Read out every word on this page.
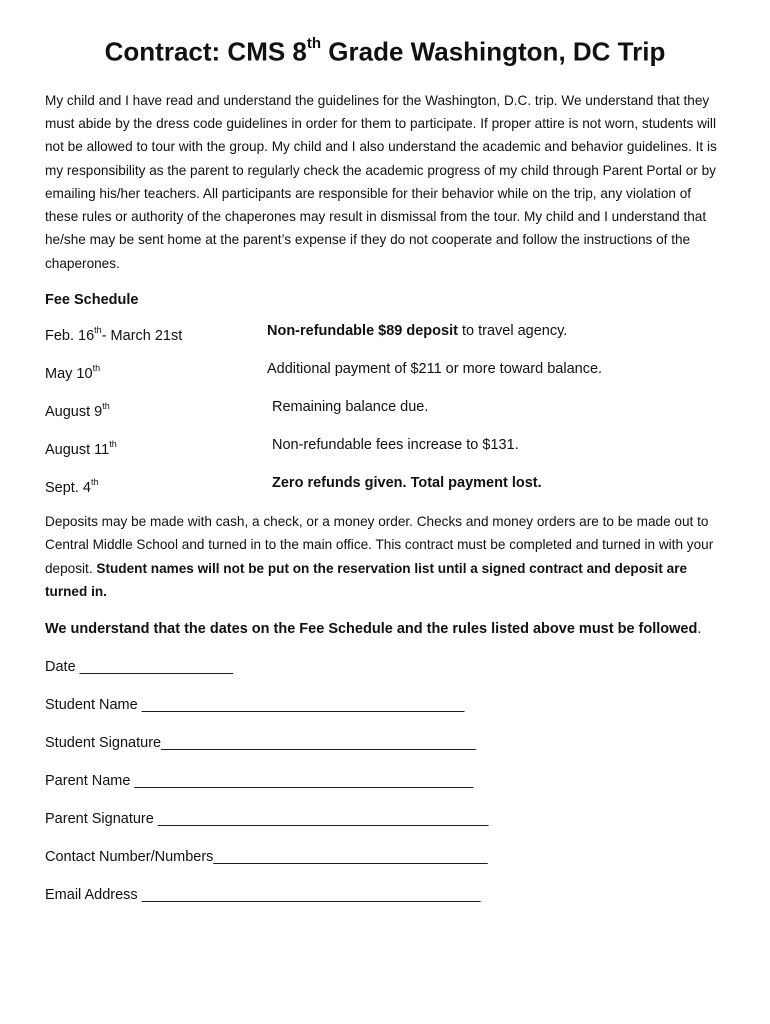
Contract: CMS 8th Grade Washington, DC Trip

My child and I have read and understand the guidelines for the Washington, D.C. trip. We understand that they must abide by the dress code guidelines in order for them to participate. If proper attire is not worn, students will not be allowed to tour with the group. My child and I also understand the academic and behavior guidelines. It is my responsibility as the parent to regularly check the academic progress of my child through Parent Portal or by emailing his/her teachers. All participants are responsible for their behavior while on the trip, any violation of these rules or authority of the chaperones may result in dismissal from the tour. My child and I understand that he/she may be sent home at the parent’s expense if they do not cooperate and follow the instructions of the chaperones.

Fee Schedule
Feb. 16th- March 21st	Non-refundable $89 deposit to travel agency.
May 10th	Additional payment of $211 or more toward balance.
August 9th	Remaining balance due.
August 11th	Non-refundable fees increase to $131.
Sept. 4th	Zero refunds given. Total payment lost.

Deposits may be made with cash, a check, or a money order. Checks and money orders are to be made out to Central Middle School and turned in to the main office. This contract must be completed and turned in with your deposit. Student names will not be put on the reservation list until a signed contract and deposit are turned in.

We understand that the dates on the Fee Schedule and the rules listed above must be followed.

Date ___________________
Student Name ________________________________________
Student Signature_______________________________________
Parent Name __________________________________________
Parent Signature _________________________________________
Contact Number/Numbers__________________________________
Email Address __________________________________________
